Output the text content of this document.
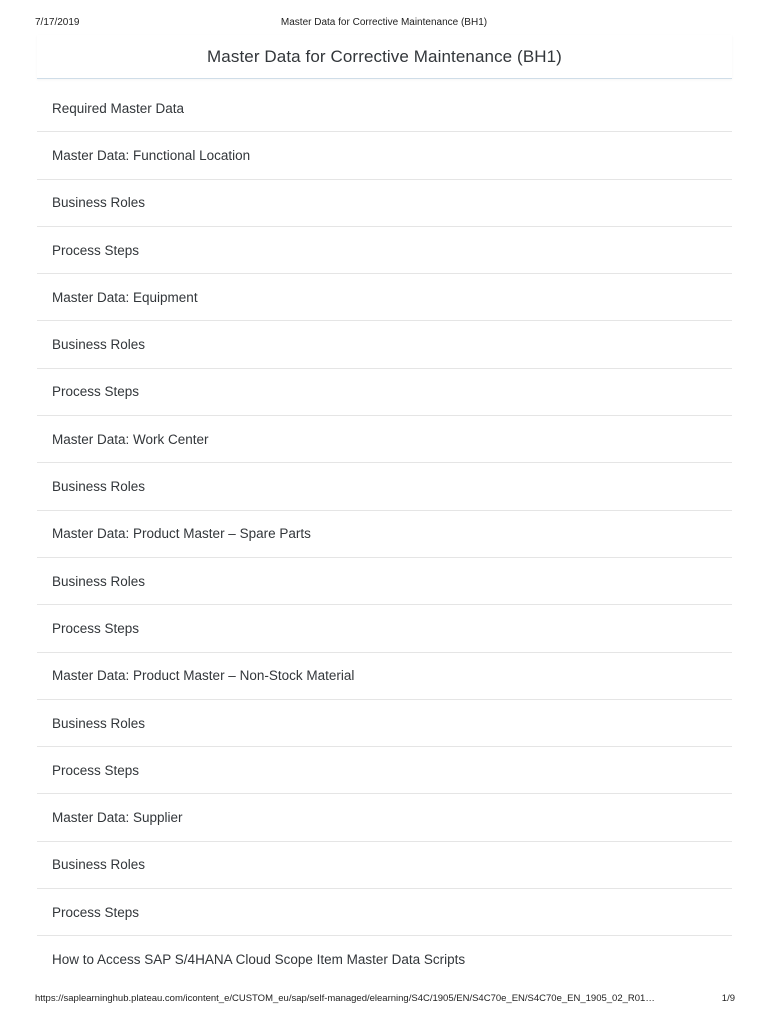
7/17/2019	Master Data for Corrective Maintenance (BH1)
Master Data for Corrective Maintenance (BH1)
Required Master Data
Master Data: Functional Location
Business Roles
Process Steps
Master Data: Equipment
Business Roles
Process Steps
Master Data: Work Center
Business Roles
Master Data: Product Master – Spare Parts
Business Roles
Process Steps
Master Data: Product Master – Non-Stock Material
Business Roles
Process Steps
Master Data: Supplier
Business Roles
Process Steps
How to Access SAP S/4HANA Cloud Scope Item Master Data Scripts
https://saplearninghub.plateau.com/icontent_e/CUSTOM_eu/sap/self-managed/elearning/S4C/1905/EN/S4C70e_EN/S4C70e_EN_1905_02_R01…	1/9
